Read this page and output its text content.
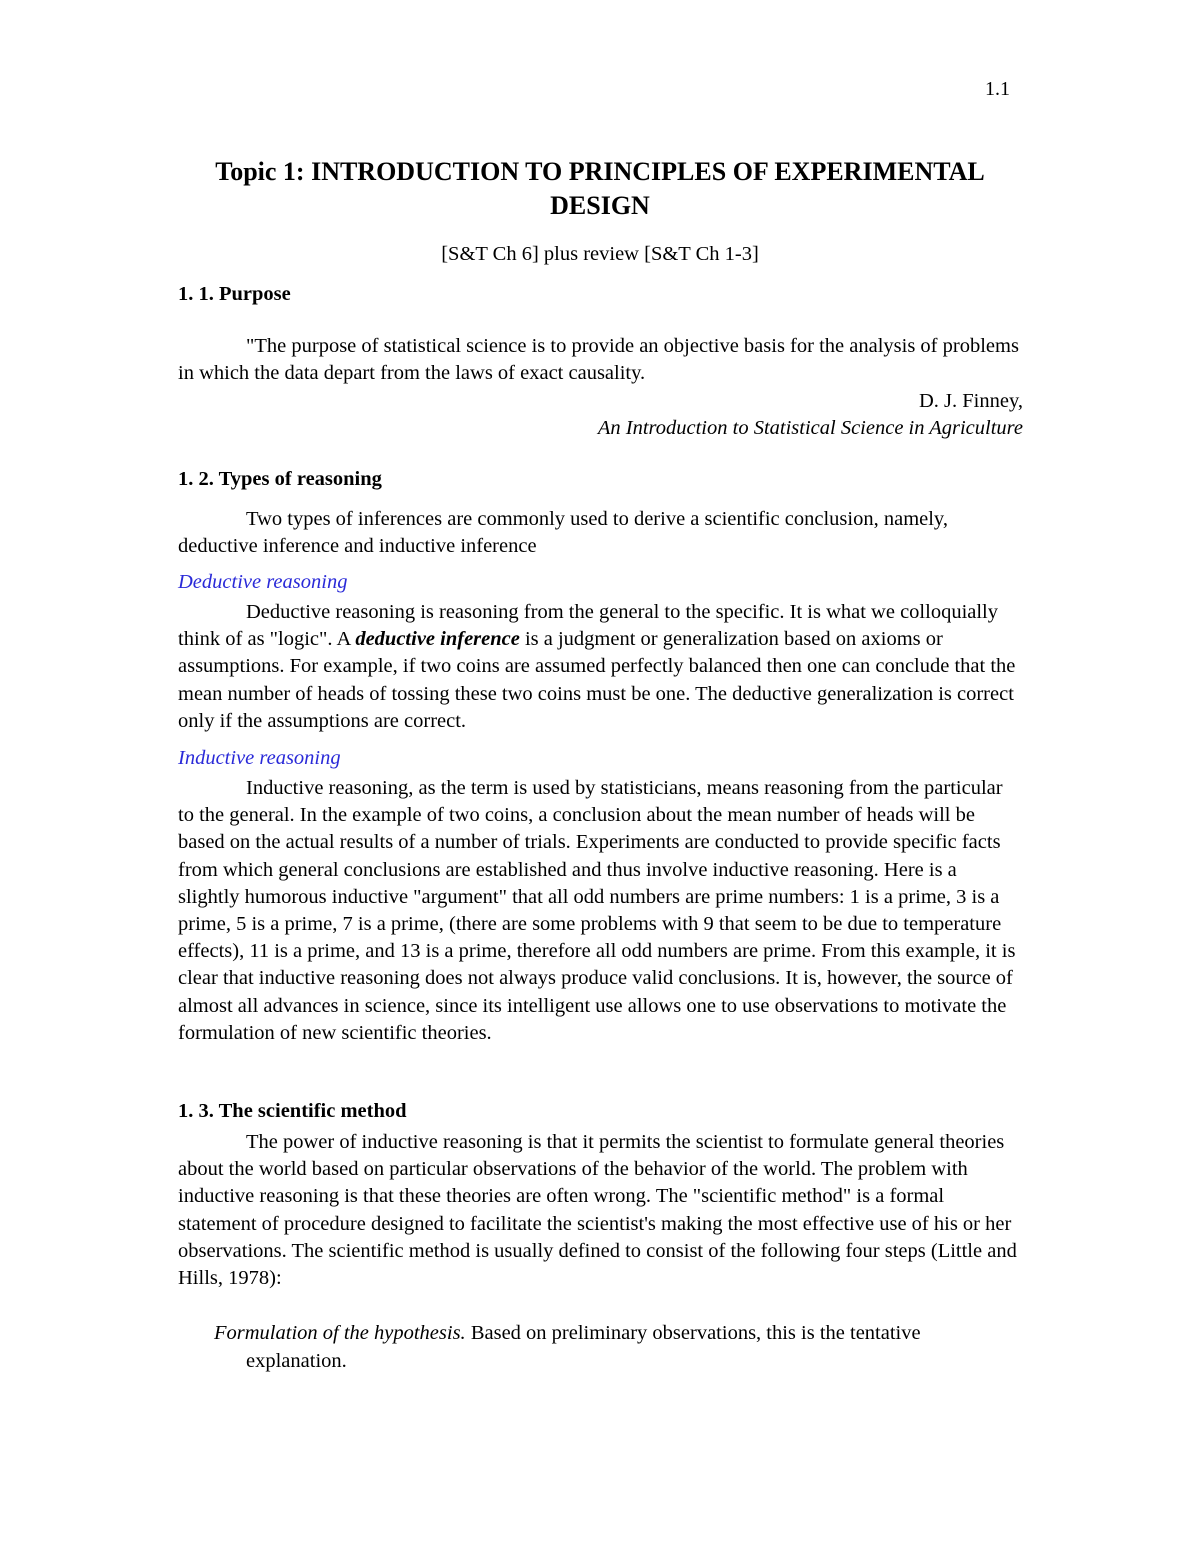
1.1
Topic 1: INTRODUCTION TO PRINCIPLES OF EXPERIMENTAL
DESIGN
[S&T Ch 6] plus review [S&T Ch 1-3]
1. 1. Purpose
"The purpose of statistical science is to provide an objective basis for the analysis of problems in which the data depart from the laws of exact causality.
D. J. Finney,
An Introduction to Statistical Science in Agriculture
1. 2. Types of reasoning
Two types of inferences are commonly used to derive a scientific conclusion, namely, deductive inference and inductive inference
Deductive reasoning
Deductive reasoning is reasoning from the general to the specific. It is what we colloquially think of as "logic". A deductive inference is a judgment or generalization based on axioms or assumptions. For example, if two coins are assumed perfectly balanced then one can conclude that the mean number of heads of tossing these two coins must be one. The deductive generalization is correct only if the assumptions are correct.
Inductive reasoning
Inductive reasoning, as the term is used by statisticians, means reasoning from the particular to the general. In the example of two coins, a conclusion about the mean number of heads will be based on the actual results of a number of trials. Experiments are conducted to provide specific facts from which general conclusions are established and thus involve inductive reasoning. Here is a slightly humorous inductive "argument" that all odd numbers are prime numbers: 1 is a prime, 3 is a prime, 5 is a prime, 7 is a prime, (there are some problems with 9 that seem to be due to temperature effects), 11 is a prime, and 13 is a prime, therefore all odd numbers are prime. From this example, it is clear that inductive reasoning does not always produce valid conclusions. It is, however, the source of almost all advances in science, since its intelligent use allows one to use observations to motivate the formulation of new scientific theories.
1. 3. The scientific method
The power of inductive reasoning is that it permits the scientist to formulate general theories about the world based on particular observations of the behavior of the world. The problem with inductive reasoning is that these theories are often wrong. The "scientific method" is a formal statement of procedure designed to facilitate the scientist's making the most effective use of his or her observations. The scientific method is usually defined to consist of the following four steps (Little and Hills, 1978):
Formulation of the hypothesis. Based on preliminary observations, this is the tentative explanation.
